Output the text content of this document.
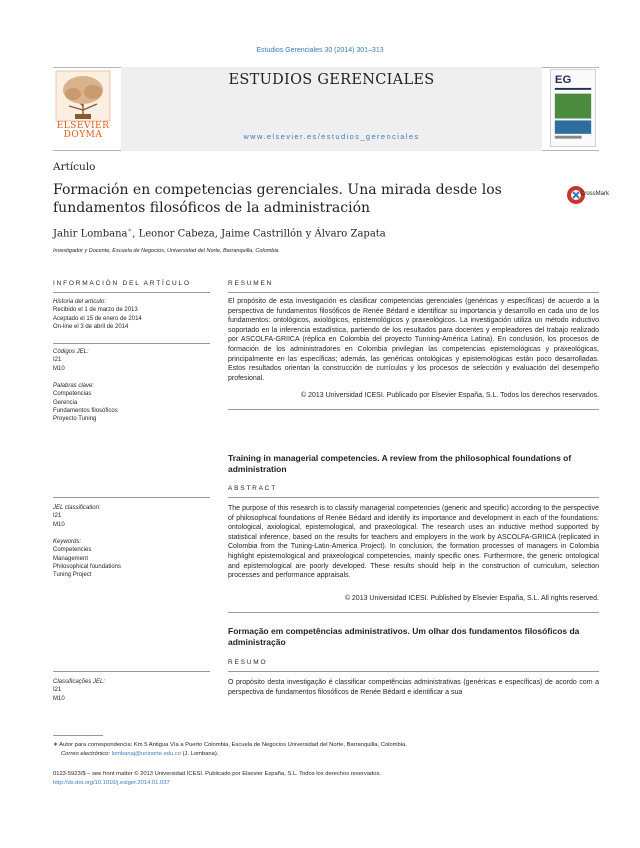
Estudios Gerenciales 30 (2014) 301–313
ELSEVIER DOYMA
ESTUDIOS GERENCIALES
www.elsevier.es/estudios_gerenciales
EG
Artículo
Formación en competencias gerenciales. Una mirada desde los fundamentos filosóficos de la administración
CrossMark
Jahir Lombana∗, Leonor Cabeza, Jaime Castrillón y Álvaro Zapata
Investigador y Docente, Escuela de Negocios, Universidad del Norte, Barranquilla, Colombia
INFORMACIÓN DEL ARTÍCULO
Historia del artículo:
Recibido el 1 de marzo de 2013
Aceptado el 15 de enero de 2014
On-line el 3 de abril de 2014
Códigos JEL:
I21
M10
Palabras clave:
Competencias
Gerencia
Fundamentos filosóficos
Proyecto Tuning
RESUMEN
El propósito de esta investigación es clasificar competencias gerenciales (genéricas y específicas) de acuerdo a la perspectiva de fundamentos filosóficos de Renée Bédard e identificar su importancia y desarrollo en cada uno de los fundamentos: ontológicos, axiológicos, epistemológicos y praxeológicos. La investigación utiliza un método inductivo soportado en la inferencia estadística, partiendo de los resultados para docentes y empleadores del trabajo realizado por ASCOLFA-GRIICA (réplica en Colombia del proyecto Tunning-América Latina). En conclusión, los procesos de formación de los administradores en Colombia privilegian las competencias epistemológicas y praxeológicas, principalmente en las específicas; además, las genéricas ontológicas y epistemológicas están poco desarrolladas. Estos resultados orientan la construcción de currículos y los procesos de selección y evaluación del desempeño profesional.
© 2013 Universidad ICESI. Publicado por Elsevier España, S.L. Todos los derechos reservados.
JEL classification:
I21
M10
Keywords:
Competencies
Management
Philosophical foundations
Tuning Project
Training in managerial competencies. A review from the philosophical foundations of administration
ABSTRACT
The purpose of this research is to classify managerial competencies (generic and specific) according to the perspective of philosophical foundations of Renée Bédard and identify its importance and development in each of the foundations: ontological, axiological, epistemological, and praxeological. The research uses an inductive method supported by statistical inference, based on the results for teachers and employers in the work by ASCOLFA-GRIICA (replicated in Colombia from the Tuning-Latin-America Project). In conclusion, the formation processes of managers in Colombia highlight epistemological and praxeological competencies, mainly specific ones. Furthermore, the generic ontological and epistemological are poorly developed. These results should help in the construction of curriculum, selection processes and performance appraisals.
© 2013 Universidad ICESI. Published by Elsevier España, S.L. All rights reserved.
Formação em competências administrativos. Um olhar dos fundamentos filosóficos da administração
RESUMO
O propósito desta investigação é classificar competências administrativas (genéricas e específicas) de acordo com a perspectiva de fundamentos filosóficos de Renée Bédard e identificar a sua
Classificações JEL:
I21
M10
∗ Autor para correspondencia: Km 5 Antigua Vía a Puerto Colombia, Escuela de Negocios Universidad del Norte, Barranquilla, Colombia.
Correo electrónico: lombanaj@uninorte.edu.co (J. Lombana).
0123-5923/$ – see front matter © 2013 Universidad ICESI. Publicado por Elsevier España, S.L. Todos los derechos reservados.
http://dx.doi.org/10.1016/j.estger.2014.01.037
